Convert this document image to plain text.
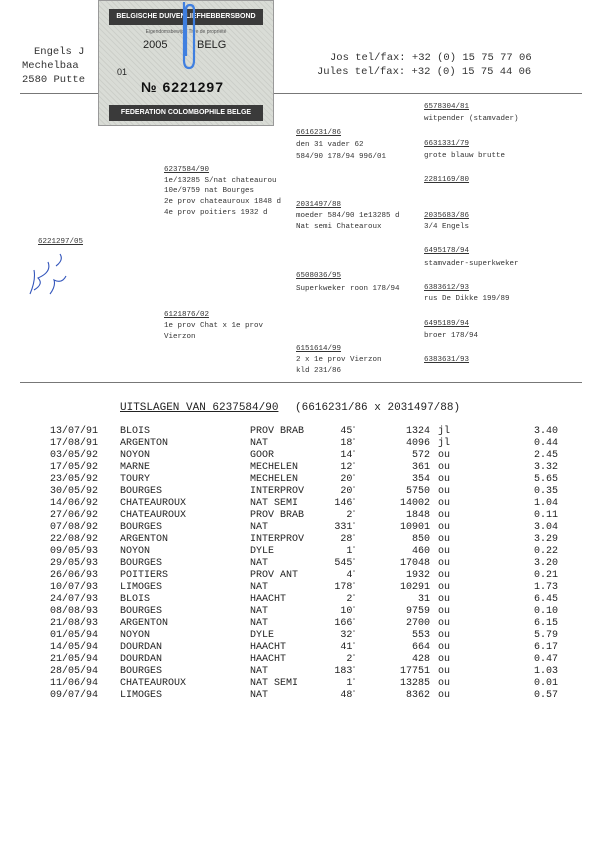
Engels J
Mechelbaa
2580 Putte
Jos tel/fax: +32 (0) 15 75 77 06
Jules tel/fax: +32 (0) 15 75 44 06
BELGISCHE DUIVENLIEFHEBBERSBOND
Eigendomsbewijs / Titre de propriété
2005	BELG
01
№ 6221297
FEDERATION COLOMBOPHILE BELGE
6221297/05
6237584/90
1e/13285 S/nat chateaurou
10e/9759 nat Bourges
2e prov chateauroux 1848 d
4e prov poitiers 1932 d
6121876/02
1e prov Chat x 1e prov
Vierzon
6616231/86
den 31 vader 62
584/90 178/94 996/01
2031497/88
moeder 584/90 1e13285 d
Nat semi Chatearoux
6508036/95
Superkweker roon 178/94
6151614/99
2 x 1e prov Vierzon
kld 231/86
6578304/81
witpender (stamvader)
6631331/79
grote blauw brutte
2281169/80
2035683/86
3/4 Engels
6495178/94
stamvader-superkweker
6383612/93
rus De Dikke 199/89
6495189/94
broer 178/94
6383631/93
UITSLAGEN VAN 6237584/90 (6616231/86 x 2031497/88)
13/07/91 BLOIS	PROV BRAB	$45^ˮ$	1324 jl	3.40
17/08/91 ARGENTON	NAT	$18^ˮ$	4096 jl	0.44
03/05/92 NOYON	GOOR	$14^ˮ$	572 ou	2.45
17/05/92 MARNE	MECHELEN	$12^ˮ$	361 ou	3.32
23/05/92 TOURY	MECHELEN	$20^ˮ$	354 ou	5.65
30/05/92 BOURGES	INTERPROV	$20^ˮ$	5750 ou	0.35
14/06/92 CHATEAUROUX	NAT SEMI	$146^ˮ$	14002 ou	1.04
27/06/92 CHATEAUROUX	PROV BRAB	$2^ˮ$	1848 ou	0.11
07/08/92 BOURGES	NAT	$331^ˮ$	10901 ou	3.04
22/08/92 ARGENTON	INTERPROV	$28^ˮ$	850 ou	3.29
09/05/93 NOYON	DYLE	$1^ˮ$	460 ou	0.22
29/05/93 BOURGES	NAT	$545^ˮ$	17048 ou	3.20
26/06/93 POITIERS	PROV ANT	$4^ˮ$	1932 ou	0.21
10/07/93 LIMOGES	NAT	$178^ˮ$	10291 ou	1.73
24/07/93 BLOIS	HAACHT	$2^ˮ$	31 ou	6.45
08/08/93 BOURGES	NAT	$10^ˮ$	9759 ou	0.10
21/08/93 ARGENTON	NAT	$166^ˮ$	2700 ou	6.15
01/05/94 NOYON	DYLE	$32^ˮ$	553 ou	5.79
14/05/94 DOURDAN	HAACHT	$41^ˮ$	664 ou	6.17
21/05/94 DOURDAN	HAACHT	$2^ˮ$	428 ou	0.47
28/05/94 BOURGES	NAT	$183^ˮ$	17751 ou	1.03
11/06/94 CHATEAUROUX	NAT SEMI	$1^ˮ$	13285 ou	0.01
09/07/94 LIMOGES	NAT	$48^ˮ$	8362 ou	0.57
